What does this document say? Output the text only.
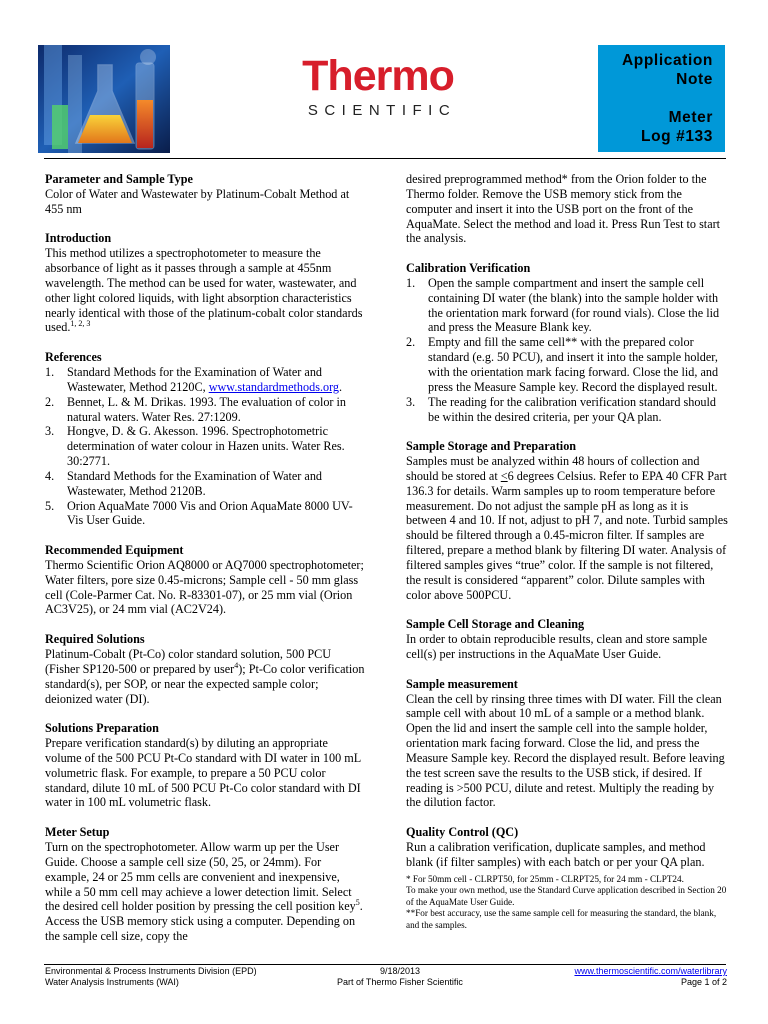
Thermo
SCIENTIFIC
Application
Note
Meter
Log #133
Parameter and Sample Type

Color of Water and Wastewater by Platinum-Cobalt Method at 455 nm

Introduction

This method utilizes a spectrophotometer to measure the absorbance of light as it passes through a sample at 455nm wavelength. The method can be used for water, wastewater, and other light colored liquids, with light absorption characteristics nearly identical with those of the platinum-cobalt color standards used.$^{1, 2, 3}$

References
1. Standard Methods for the Examination of Water and Wastewater, Method 2120C, www.standardmethods.org.
2. Bennet, L. & M. Drikas. 1993. The evaluation of color in natural waters. Water Res. 27:1209.
3. Hongve, D. & G. Akesson. 1996. Spectrophotometric determination of water colour in Hazen units. Water Res. 30:2771.
4. Standard Methods for the Examination of Water and Wastewater, Method 2120B.
5. Orion AquaMate 7000 Vis and Orion AquaMate 8000 UV-Vis User Guide.
Recommended Equipment

Thermo Scientific Orion AQ8000 or AQ7000 spectrophotometer; Water filters, pore size 0.45-microns; Sample cell - 50 mm glass cell (Cole-Parmer Cat. No. R-83301-07), or 25 mm vial (Orion AC3V25), or 24 mm vial (AC2V24).

Required Solutions

Platinum-Cobalt (Pt-Co) color standard solution, 500 PCU (Fisher SP120-500 or prepared by user$^4$); Pt-Co color verification standard(s), per SOP, or near the expected sample color; deionized water (DI).

Solutions Preparation

Prepare verification standard(s) by diluting an appropriate volume of the 500 PCU Pt-Co standard with DI water in 100 mL volumetric flask. For example, to prepare a 50 PCU color standard, dilute 10 mL of 500 PCU Pt-Co color standard with DI water in 100 mL volumetric flask.

Meter Setup

Turn on the spectrophotometer. Allow warm up per the User Guide. Choose a sample cell size (50, 25, or 24mm). For example, 24 or 25 mm cells are convenient and inexpensive, while a 50 mm cell may achieve a lower detection limit. Select the desired cell holder position by pressing the cell position key$^5$. Access the USB memory stick using a computer. Depending on the sample cell size, copy the

desired preprogrammed method* from the Orion folder to the Thermo folder. Remove the USB memory stick from the computer and insert it into the USB port on the front of the AquaMate. Select the method and load it. Press Run Test to start the analysis.

Calibration Verification
1. Open the sample compartment and insert the sample cell containing DI water (the blank) into the sample holder with the orientation mark forward (for round vials). Close the lid and press the Measure Blank key.
2. Empty and fill the same cell** with the prepared color standard (e.g. 50 PCU), and insert it into the sample holder, with the orientation mark facing forward. Close the lid, and press the Measure Sample key. Record the displayed result.
3. The reading for the calibration verification standard should be within the desired criteria, per your QA plan.
Sample Storage and Preparation

Samples must be analyzed within 48 hours of collection and should be stored at ≤6 degrees Celsius. Refer to EPA 40 CFR Part 136.3 for details. Warm samples up to room temperature before measurement. Do not adjust the sample pH as long as it is between 4 and 10. If not, adjust to pH 7, and note. Turbid samples should be filtered through a 0.45-micron filter. If samples are filtered, prepare a method blank by filtering DI water. Analysis of filtered samples gives “true” color. If the sample is not filtered, the result is considered “apparent” color. Dilute samples with color above 500PCU.

Sample Cell Storage and Cleaning

In order to obtain reproducible results, clean and store sample cell(s) per instructions in the AquaMate User Guide.

Sample measurement

Clean the cell by rinsing three times with DI water. Fill the clean sample cell with about 10 mL of a sample or a method blank. Open the lid and insert the sample cell into the sample holder, orientation mark facing forward. Close the lid, and press the Measure Sample key. Record the displayed result. Before leaving the test screen save the results to the USB stick, if desired. If reading is >500 PCU, dilute and retest. Multiply the reading by the dilution factor.

Quality Control (QC)

Run a calibration verification, duplicate samples, and method blank (if filter samples) with each batch or per your QA plan.

* For 50mm cell - CLRPT50, for 25mm - CLRPT25, for 24 mm - CLPT24.

To make your own method, use the Standard Curve application described in Section 20 of the AquaMate User Guide.

**For best accuracy, use the same sample cell for measuring the standard, the blank, and the samples.

Environmental & Process Instruments Division (EPD)
Water Analysis Instruments (WAI)
9/18/2013
Part of Thermo Fisher Scientific
www.thermoscientific.com/waterlibrary
Page 1 of 2
